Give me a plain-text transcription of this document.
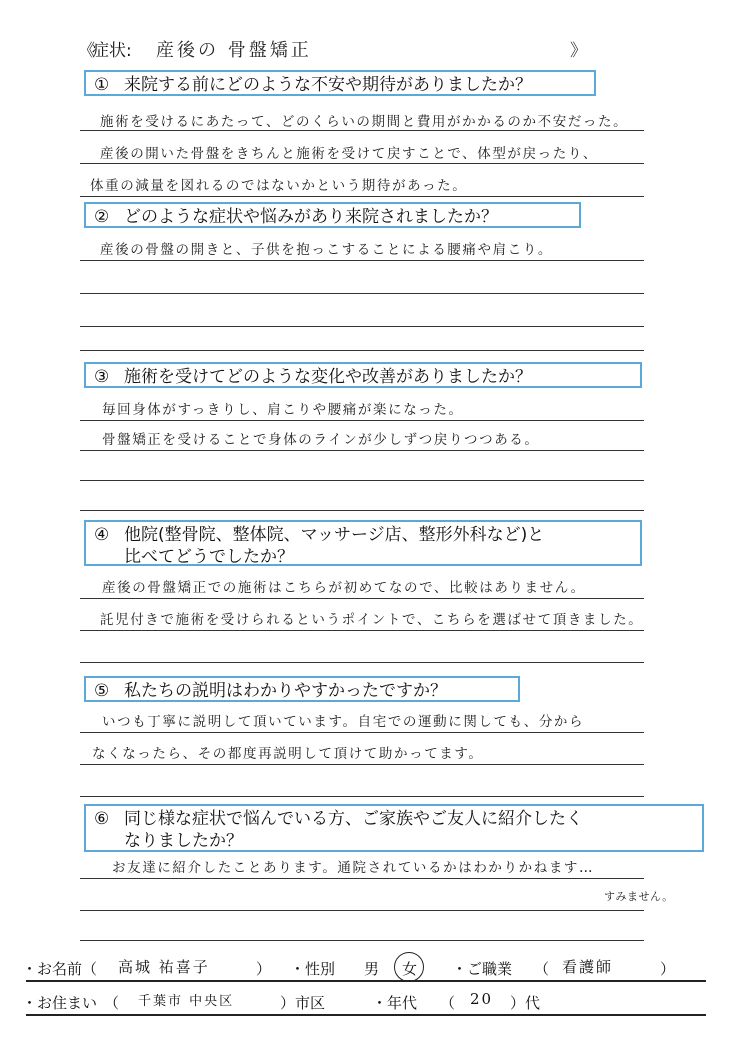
《
症状: 産後の 骨盤矯正	》
① 来院する前にどのような不安や期待がありましたか？
施術を受けるにあたって、どのくらいの期間と費用がかかるのか不安だった。
産後の開いた骨盤をきちんと施術を受けて戻すことで、体型が戻ったり、
体重の減量を図れるのではないかという期待があった。
② どのような症状や悩みがあり来院されましたか？
産後の骨盤の開きと、子供を抱っこすることによる腰痛や肩こり。
③ 施術を受けてどのような変化や改善がありましたか？
毎回身体がすっきりし、肩こりや腰痛が楽になった。
骨盤矯正を受けることで身体のラインが少しずつ戻りつつある。
④ 他院(整骨院、整体院、マッサージ店、整形外科など)と
比べてどうでしたか？
産後の骨盤矯正での施術はこちらが初めてなので、比較はありません。
託児付きで施術を受けられるというポイントで、こちらを選ばせて頂きました。
⑤ 私たちの説明はわかりやすかったですか？
いつも丁寧に説明して頂いています。自宅での運動に関しても、分から
なくなったら、その都度再説明して頂けて助かってます。
⑥ 同じ様な症状で悩んでいる方、ご家族やご友人に紹介したく
なりましたか？
お友達に紹介したことあります。通院されているかはわかりかねます…
すみません。
・お名前（ 高城 祐喜子	） ・性別 男 女 ・ご職業 （ 看護師	）
・お住まい （ 千葉市 中央区	）市区	・年代 （ 20 ）代
